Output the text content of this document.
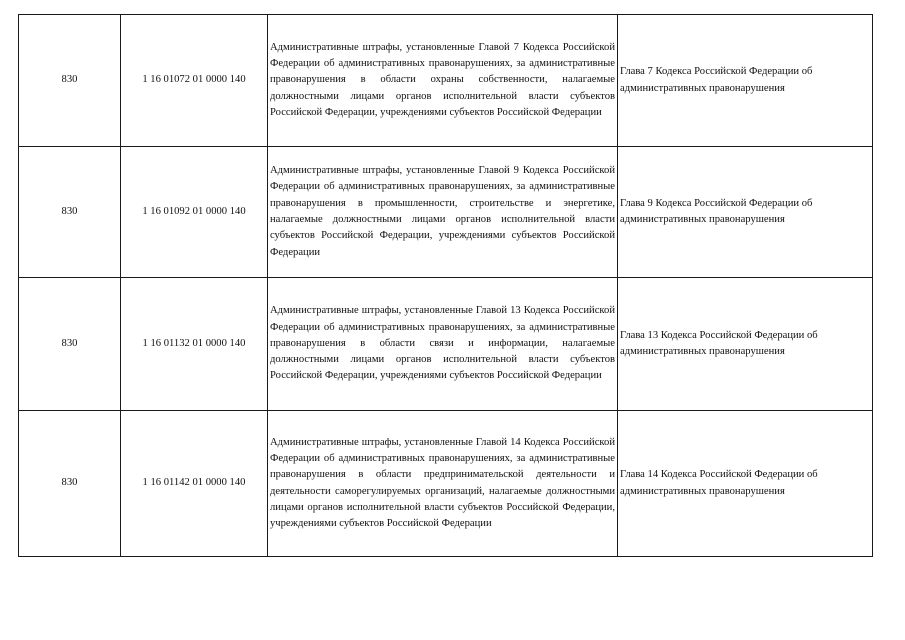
830	1 16 01072 01 0000 140	Административные штрафы, установленные Главой 7 Кодекса Российской Федерации об административных правонарушениях, за административные правонарушения в области охраны собственности, налагаемые должностными лицами органов исполнительной власти субъектов Российской Федерации, учреждениями субъектов Российской Федерации	Глава 7 Кодекса Российской Федерации об административных правонарушения
830	1 16 01092 01 0000 140	Административные штрафы, установленные Главой 9 Кодекса Российской Федерации об административных правонарушениях, за административные правонарушения в промышленности, строительстве и энергетике, налагаемые должностными лицами органов исполнительной власти субъектов Российской Федерации, учреждениями субъектов Российской Федерации	Глава 9 Кодекса Российской Федерации об административных правонарушения
830	1 16 01132 01 0000 140	Административные штрафы, установленные Главой 13 Кодекса Российской Федерации об административных правонарушениях, за административные правонарушения в области связи и информации, налагаемые должностными лицами органов исполнительной власти субъектов Российской Федерации, учреждениями субъектов Российской Федерации	Глава 13 Кодекса Российской Федерации об административных правонарушения
830	1 16 01142 01 0000 140	Административные штрафы, установленные Главой 14 Кодекса Российской Федерации об административных правонарушениях, за административные правонарушения в области предпринимательской деятельности и деятельности саморегулируемых организаций, налагаемые должностными лицами органов исполнительной власти субъектов Российской Федерации, учреждениями субъектов Российской Федерации	Глава 14 Кодекса Российской Федерации об административных правонарушения
